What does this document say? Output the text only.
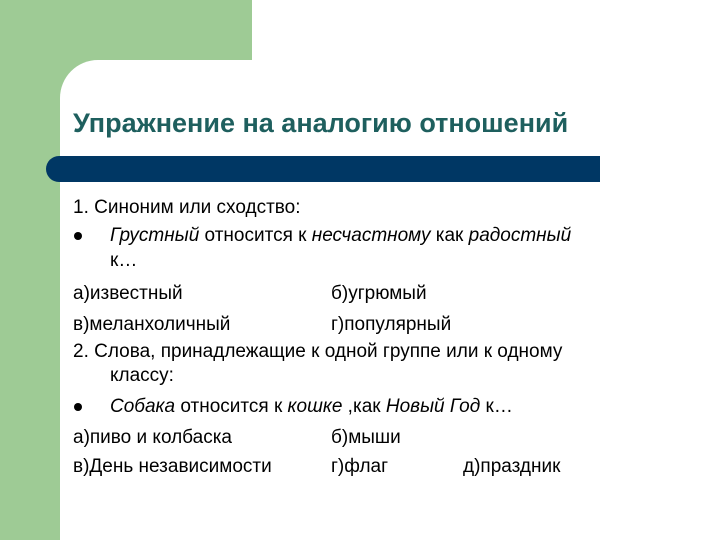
Упражнение на аналогию отношений
1. Синоним или сходство:
Грустный относится к несчастному как радостный
к…
а)известный	б)угрюмый
в)меланхоличный	г)популярный
2. Слова, принадлежащие к одной группе или к одному
классу:
Собака относится к кошке ,как Новый Год к…
а)пиво и колбаска	б)мыши
в)День независимости	г)флаг	д)праздник
